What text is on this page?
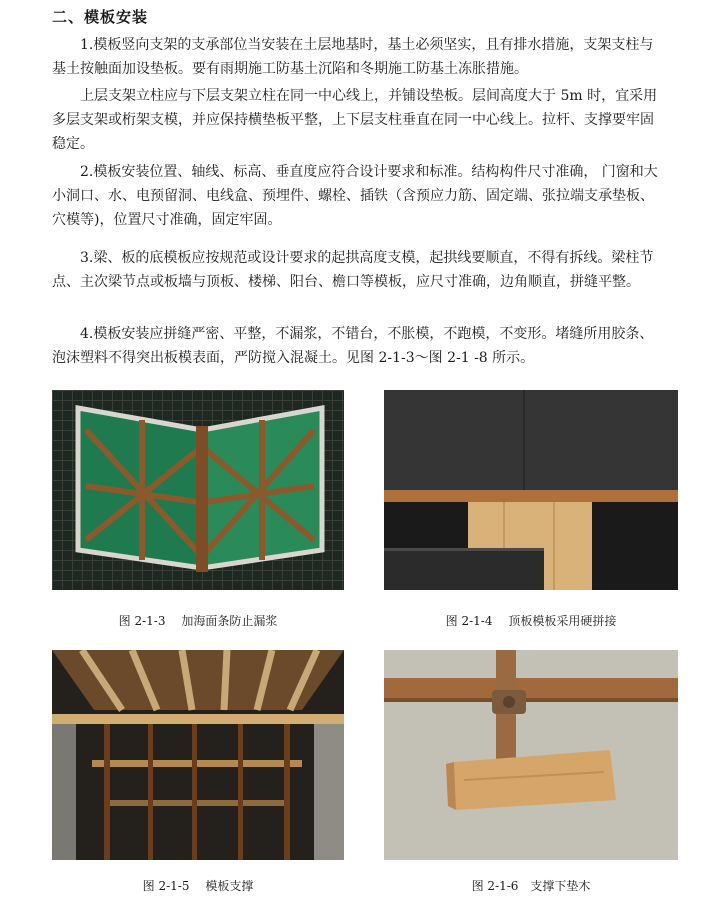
二、模板安装
1.模板竖向支架的支承部位当安装在土层地基时，基土必须坚实，且有排水措施，支架支柱与基土按触面加设垫板。要有雨期施工防基土沉陷和冬期施工防基土冻胀措施。
上层支架立柱应与下层支架立柱在同一中心线上，并铺设垫板。层间高度大于 5m 时，宜采用多层支架或桁架支模，并应保持横垫板平整，上下层支柱垂直在同一中心线上。拉杆、支撑要牢固稳定。
2.模板安装位置、轴线、标高、垂直度应符合设计要求和标准。结构构件尺寸准确， 门窗和大小洞口、水、电预留洞、电线盒、预埋件、螺栓、插铁（含预应力筋、固定端、张拉端支承垫板、穴模等)，位置尺寸准确，固定牢固。
3.梁、板的底模板应按规范或设计要求的起拱高度支模，起拱线要顺直，不得有拆线。梁柱节点、主次梁节点或板墙与顶板、楼梯、阳台、檐口等模板，应尺寸准确，边角顺直，拼缝平整。
4.模板安装应拼缝严密、平整，不漏浆，不错台，不胀模，不跑模，不变形。堵缝所用胶条、泡沫塑料不得突出板模表面，严防搅入混凝土。见图 2-1-3～图 2-1 -8 所示。
图 2-1-3　 加海面条防止漏浆	图 2-1-4　 顶板模板采用硬拼接
图 2-1-5　 模板支撑	图 2-1-6　支撑下垫木
